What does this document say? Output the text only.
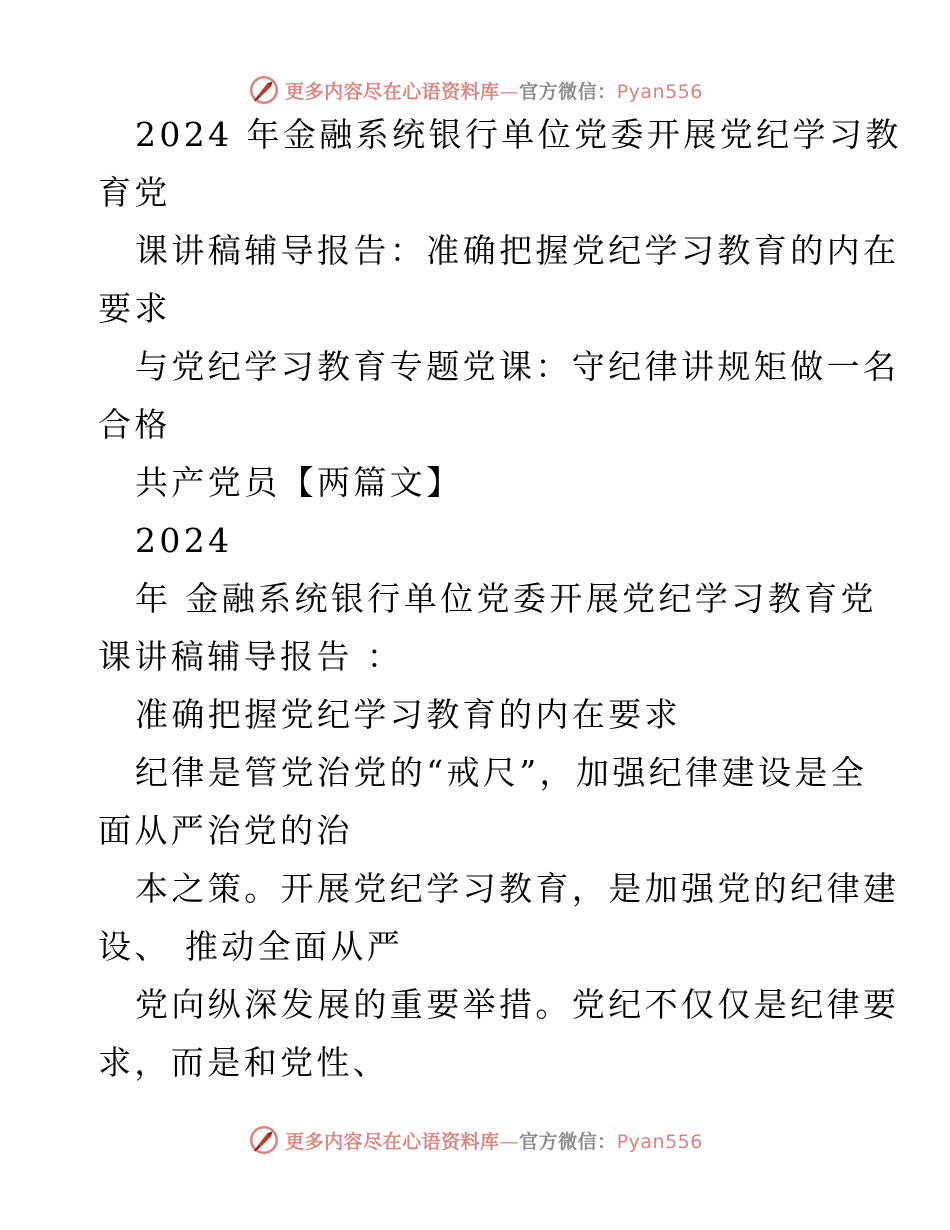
更多内容尽在心语资料库—官方微信：Pyan556
2024 年金融系统银行单位党委开展党纪学习教
育党
课讲稿辅导报告：准确把握党纪学习教育的内在
要求
与党纪学习教育专题党课：守纪律讲规矩做一名
合格
共产党员【两篇文】
2024
年 金融系统银行单位党委开展党纪学习教育党
课讲稿辅导报告 ：
准确把握党纪学习教育的内在要求
纪律是管党治党的“戒尺”，加强纪律建设是全
面从严治党的治
本之策。开展党纪学习教育，是加强党的纪律建
设、 推动全面从严
党向纵深发展的重要举措。党纪不仅仅是纪律要
求，而是和党性、
更多内容尽在心语资料库—官方微信：Pyan556
